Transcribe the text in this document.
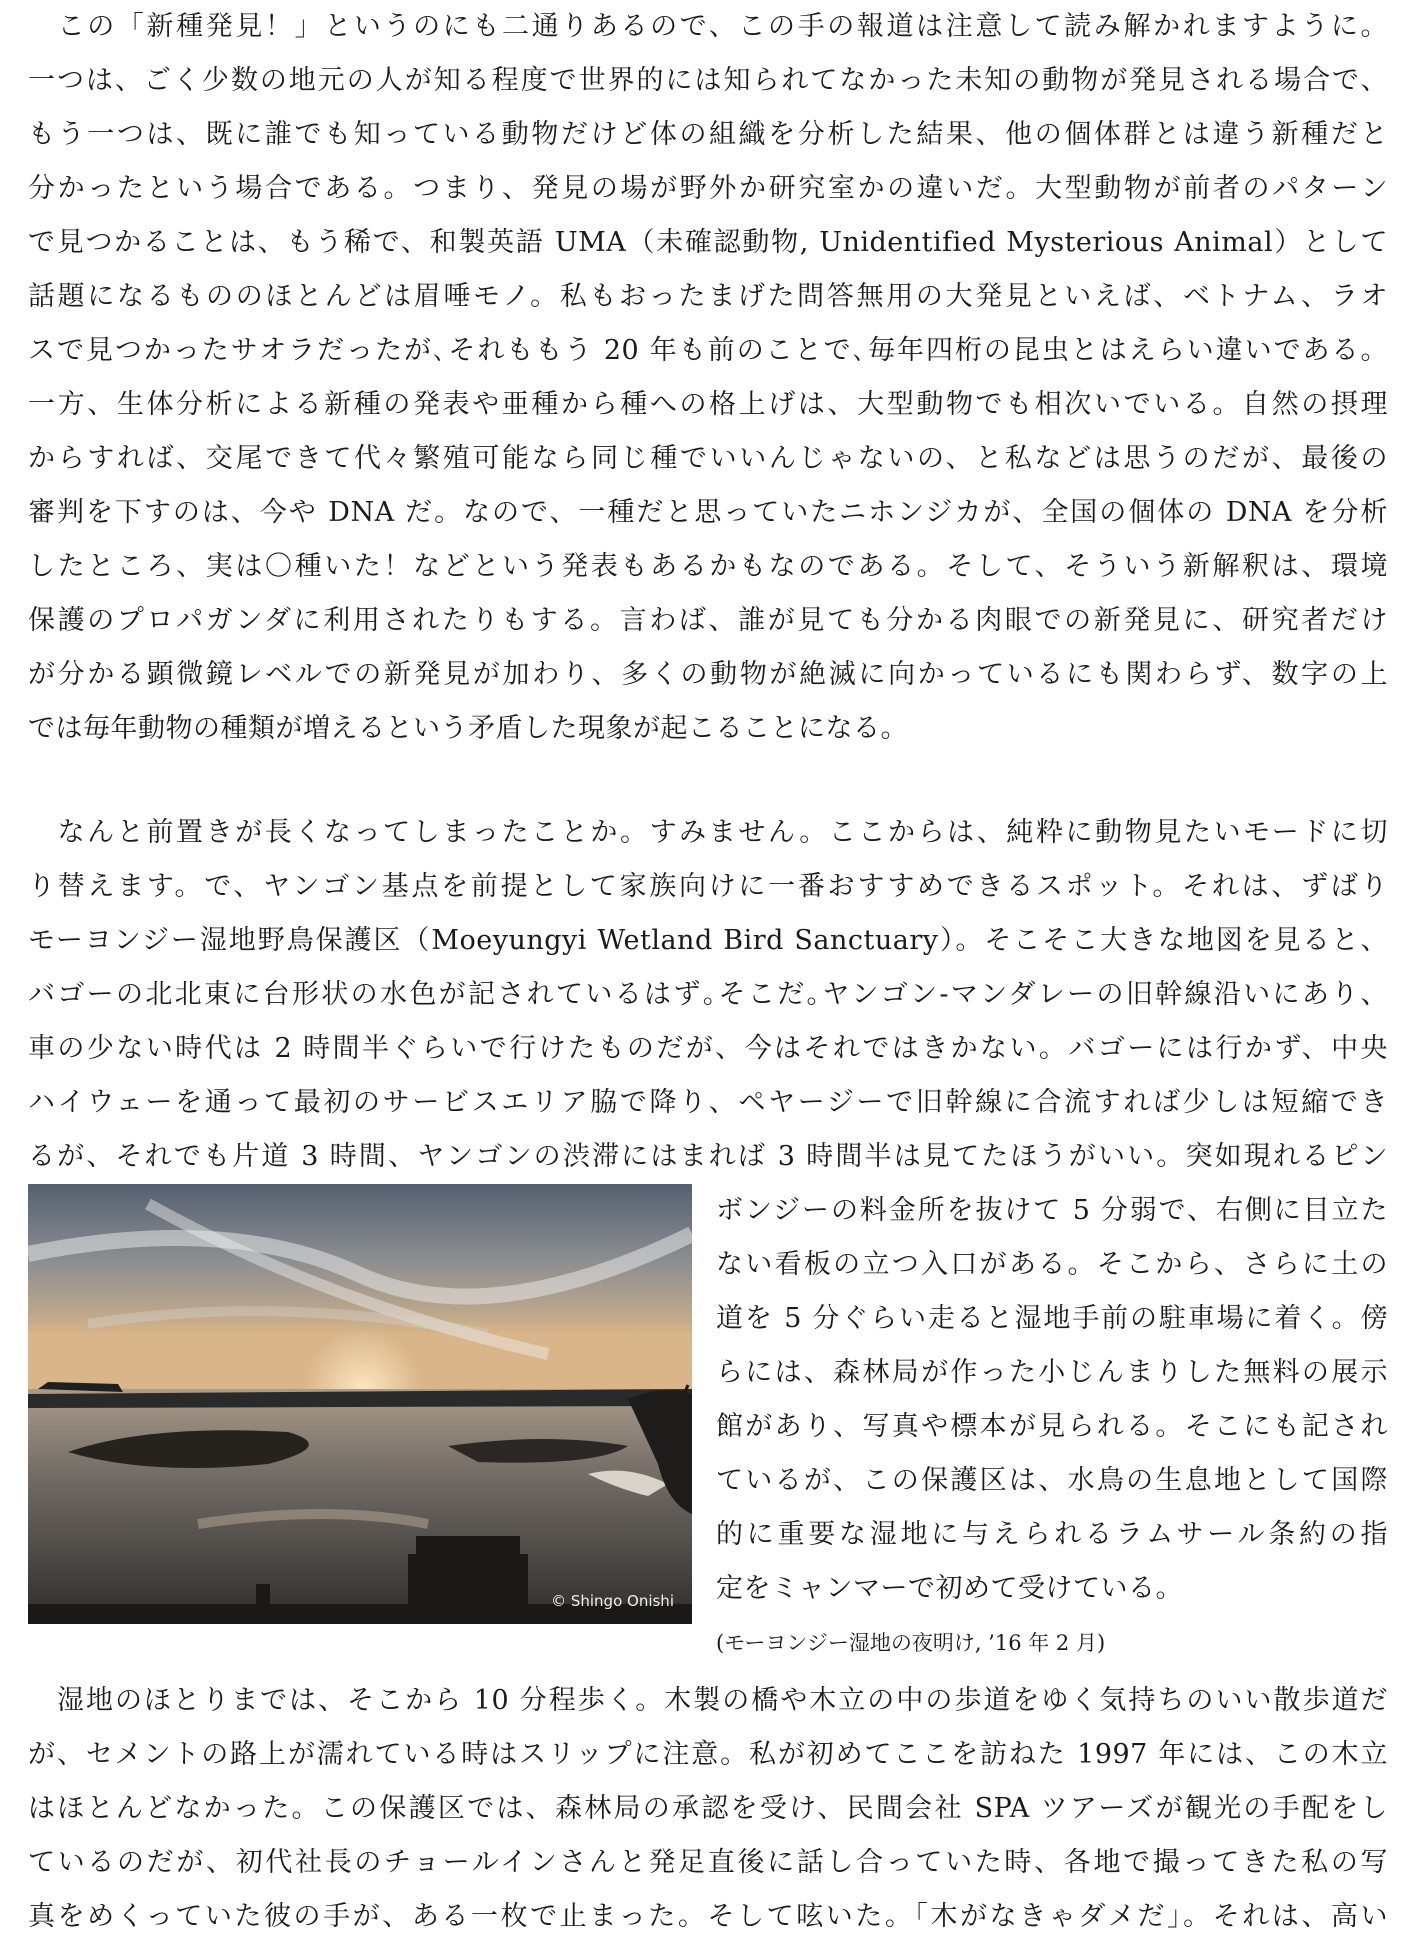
　この「新種発見！」というのにも二通りあるので、この手の報道は注意して読み解かれますように。
一つは、ごく少数の地元の人が知る程度で世界的には知られてなかった未知の動物が発見される場合で、
もう一つは、既に誰でも知っている動物だけど体の組織を分析した結果、他の個体群とは違う新種だと
分かったという場合である。つまり、発見の場が野外か研究室かの違いだ。大型動物が前者のパターン
で見つかることは、もう稀で、和製英語 UMA（未確認動物, Unidentified Mysterious Animal）として
話題になるもののほとんどは眉唾モノ。私もおったまげた問答無用の大発見といえば、ベトナム、ラオ
スで見つかったサオラだったが､それももう 20 年も前のことで､毎年四桁の昆虫とはえらい違いである。
一方、生体分析による新種の発表や亜種から種への格上げは、大型動物でも相次いでいる。自然の摂理
からすれば、交尾できて代々繁殖可能なら同じ種でいいんじゃないの、と私などは思うのだが、最後の
審判を下すのは、今や DNA だ。なので、一種だと思っていたニホンジカが、全国の個体の DNA を分析
したところ、実は〇種いた！などという発表もあるかもなのである。そして、そういう新解釈は、環境
保護のプロパガンダに利用されたりもする。言わば、誰が見ても分かる肉眼での新発見に、研究者だけ
が分かる顕微鏡レベルでの新発見が加わり、多くの動物が絶滅に向かっているにも関わらず、数字の上
では毎年動物の種類が増えるという矛盾した現象が起こることになる。
　なんと前置きが長くなってしまったことか。すみません。ここからは、純粋に動物見たいモードに切
り替えます。で、ヤンゴン基点を前提として家族向けに一番おすすめできるスポット。それは、ずばり
モーヨンジー湿地野鳥保護区（Moeyungyi Wetland Bird Sanctuary）。そこそこ大きな地図を見ると、
バゴーの北北東に台形状の水色が記されているはず｡そこだ｡ヤンゴン-マンダレーの旧幹線沿いにあり、
車の少ない時代は 2 時間半ぐらいで行けたものだが、今はそれではきかない。バゴーには行かず、中央
ハイウェーを通って最初のサービスエリア脇で降り、ペヤージーで旧幹線に合流すれば少しは短縮でき
るが、それでも片道 3 時間、ヤンゴンの渋滞にはまれば 3 時間半は見てたほうがいい。突如現れるピン
© Shingo Onishi
ボンジーの料金所を抜けて 5 分弱で、右側に目立た
ない看板の立つ入口がある。そこから、さらに土の
道を 5 分ぐらい走ると湿地手前の駐車場に着く。傍
らには、森林局が作った小じんまりした無料の展示
館があり、写真や標本が見られる。そこにも記され
ているが、この保護区は、水鳥の生息地として国際
的に重要な湿地に与えられるラムサール条約の指
定をミャンマーで初めて受けている。
(モーヨンジー湿地の夜明け, ’16 年 2 月)
　湿地のほとりまでは、そこから 10 分程歩く。木製の橋や木立の中の歩道をゆく気持ちのいい散歩道だ
が、セメントの路上が濡れている時はスリップに注意。私が初めてここを訪ねた 1997 年には、この木立
はほとんどなかった。この保護区では、森林局の承認を受け、民間会社 SPA ツアーズが観光の手配をし
ているのだが、初代社長のチョールインさんと発足直後に話し合っていた時、各地で撮ってきた私の写
真をめくっていた彼の手が、ある一枚で止まった。そして呟いた。「木がなきゃダメだ」。それは、高い
